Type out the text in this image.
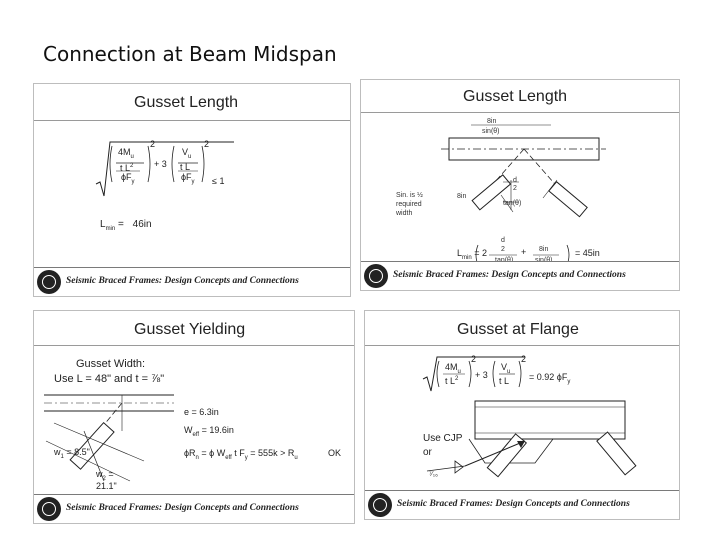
Connection at Beam Midspan
Gusset Length
$4M_u$
t $L^2$
$\phi F_y$
2
+ 3
$V_u$
t L
$\phi F_y$
2
≤ 1
$L_{min} = 46in$
Seismic Braced Frames: Design Concepts and Connections
Gusset Length
8in
sin(θ)
d
2
tan(θ)
8in
Sin. is ½
required
width
$L_{min} = 2$
d
2 + 8in	= 45in
Seismic Braced Frames: Design Concepts and Connections
Gusset Yielding
Gusset Width:
Use L = 48" and t = ⅞"
e = 6.3in
$W_{eff} = 19.6in$
$\phi R_n = \phi$ $W_{eff}$ t $F_y = 555k > R_u$	OK
$w_1 = 8.5$"
$w_2$ =
21.1"
Seismic Braced Frames: Design Concepts and Connections
Gusset at Flange
$4M_u$
t $L^2$
2
+ 3
$V_u$
t L
2
= 0.92 $\phi F_y$
Use CJP
or
⁷⁄₁₆
Seismic Braced Frames: Design Concepts and Connections
